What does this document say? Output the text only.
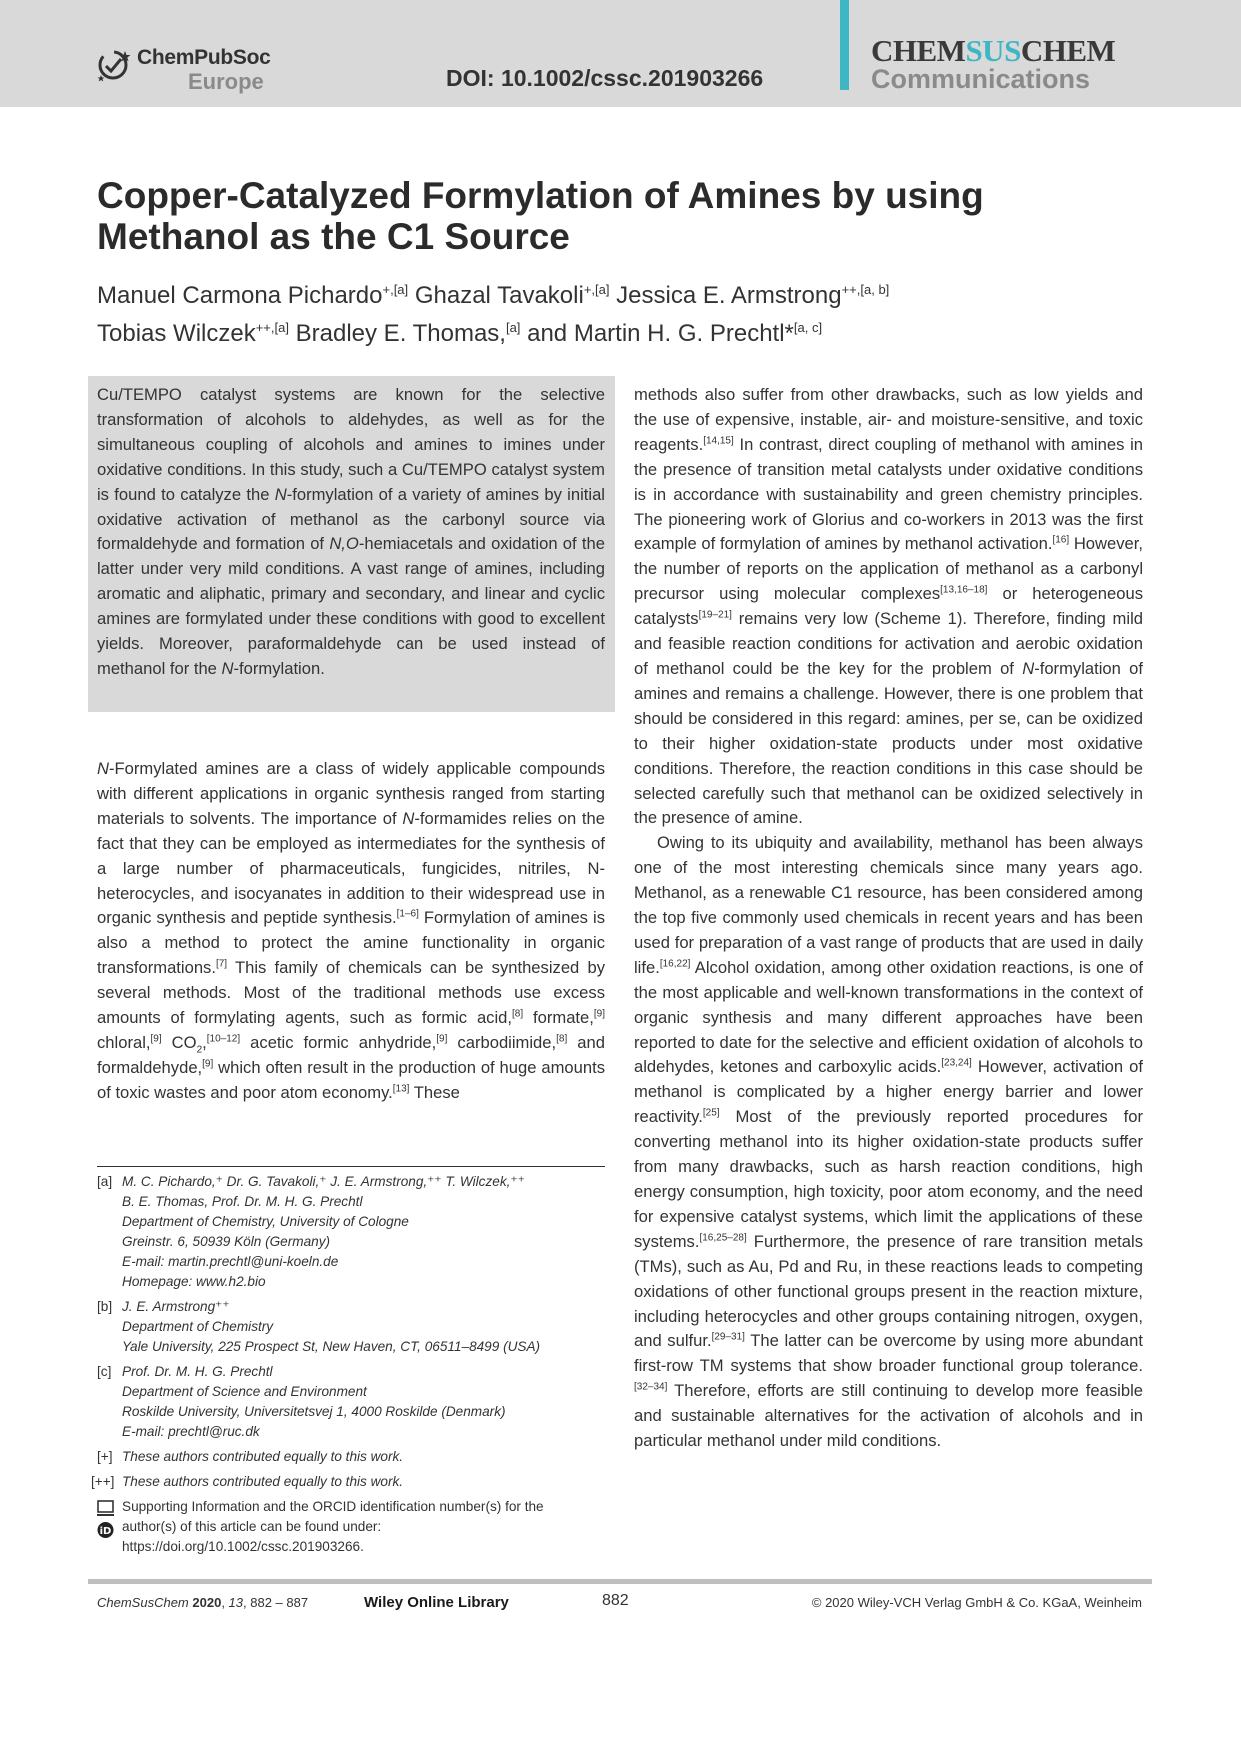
ChemPubSoc
Europe	DOI: 10.1002/cssc.201903266
CHEMSUSCHEM
Communications
Copper-Catalyzed Formylation of Amines by using
Methanol as the C1 Source
Manuel Carmona Pichardo$^{+,[a]}$ Ghazal Tavakoli$^{+,[a]}$ Jessica E. Armstrong$^{++,[a, b]}$
Tobias Wilczek$^{++,[a]}$ Bradley E. Thomas,[a] and Martin H. G. Prechtl*[a, c]

Cu/TEMPO catalyst systems are known for the selective transformation of alcohols to aldehydes, as well as for the simultaneous coupling of alcohols and amines to imines under oxidative conditions. In this study, such a Cu/TEMPO catalyst system is found to catalyze the N-formylation of a variety of amines by initial oxidative activation of methanol as the carbonyl source via formaldehyde and formation of N,O-hemiacetals and oxidation of the latter under very mild conditions. A vast range of amines, including aromatic and aliphatic, primary and secondary, and linear and cyclic amines are formylated under these conditions with good to excellent yields. Moreover, paraformaldehyde can be used instead of methanol for the N-formylation.

N-Formylated amines are a class of widely applicable compounds with different applications in organic synthesis ranged from starting materials to solvents. The importance of N-formamides relies on the fact that they can be employed as intermediates for the synthesis of a large number of pharmaceuticals, fungicides, nitriles, N-heterocycles, and isocyanates in addition to their widespread use in organic synthesis and peptide synthesis.[1–6] Formylation of amines is also a method to protect the amine functionality in organic transformations.[7] This family of chemicals can be synthesized by several methods. Most of the traditional methods use excess amounts of formylating agents, such as formic acid,[8] formate,[9] chloral,[9] $CO_2,[10-12]$ acetic formic anhydride,[9] carbodiimide,[8] and formaldehyde,[9] which often result in the production of huge amounts of toxic wastes and poor atom economy.[13] These

[a] M. C. Pichardo,⁺ Dr. G. Tavakoli,⁺ J. E. Armstrong,⁺⁺ T. Wilczek,⁺⁺
B. E. Thomas, Prof. Dr. M. H. G. Prechtl
Department of Chemistry, University of Cologne
Greinstr. 6, 50939 Köln (Germany)
E-mail: martin.prechtl@uni-koeln.de
Homepage: www.h2.bio
[b] J. E. Armstrong⁺⁺
Department of Chemistry
Yale University, 225 Prospect St, New Haven, CT, 06511–8499 (USA)
[c] Prof. Dr. M. H. G. Prechtl
Department of Science and Environment
Roskilde University, Universitetsvej 1, 4000 Roskilde (Denmark)
E-mail: prechtl@ruc.dk
[+] These authors contributed equally to this work.
[++] These authors contributed equally to this work.
iD
Supporting Information and the ORCID identification number(s) for the
author(s) of this article can be found under:
https://doi.org/10.1002/cssc.201903266.

methods also suffer from other drawbacks, such as low yields and the use of expensive, instable, air- and moisture-sensitive, and toxic reagents.[14,15] In contrast, direct coupling of methanol with amines in the presence of transition metal catalysts under oxidative conditions is in accordance with sustainability and green chemistry principles. The pioneering work of Glorius and co-workers in 2013 was the first example of formylation of amines by methanol activation.[16] However, the number of reports on the application of methanol as a carbonyl precursor using molecular complexes[13,16–18] or heterogeneous catalysts[19–21] remains very low (Scheme 1). Therefore, finding mild and feasible reaction conditions for activation and aerobic oxidation of methanol could be the key for the problem of N-formylation of amines and remains a challenge. However, there is one problem that should be considered in this regard: amines, per se, can be oxidized to their higher oxidation-state products under most oxidative conditions. Therefore, the reaction conditions in this case should be selected carefully such that methanol can be oxidized selectively in the presence of amine.

Owing to its ubiquity and availability, methanol has been always one of the most interesting chemicals since many years ago. Methanol, as a renewable C1 resource, has been considered among the top five commonly used chemicals in recent years and has been used for preparation of a vast range of products that are used in daily life.[16,22] Alcohol oxidation, among other oxidation reactions, is one of the most applicable and well-known transformations in the context of organic synthesis and many different approaches have been reported to date for the selective and efficient oxidation of alcohols to aldehydes, ketones and carboxylic acids.[23,24] However, activation of methanol is complicated by a higher energy barrier and lower reactivity.[25] Most of the previously reported procedures for converting methanol into its higher oxidation-state products suffer from many drawbacks, such as harsh reaction conditions, high energy consumption, high toxicity, poor atom economy, and the need for expensive catalyst systems, which limit the applications of these systems.[16,25–28] Furthermore, the presence of rare transition metals (TMs), such as Au, Pd and Ru, in these reactions leads to competing oxidations of other functional groups present in the reaction mixture, including heterocycles and other groups containing nitrogen, oxygen, and sulfur.[29–31] The latter can be overcome by using more abundant first-row TM systems that show broader functional group tolerance.[32–34] Therefore, efforts are still continuing to develop more feasible and sustainable alternatives for the activation of alcohols and in particular methanol under mild conditions.

ChemSusChem 2020, 13, 882 – 887	Wiley Online Library	882	© 2020 Wiley-VCH Verlag GmbH & Co. KGaA, Weinheim
